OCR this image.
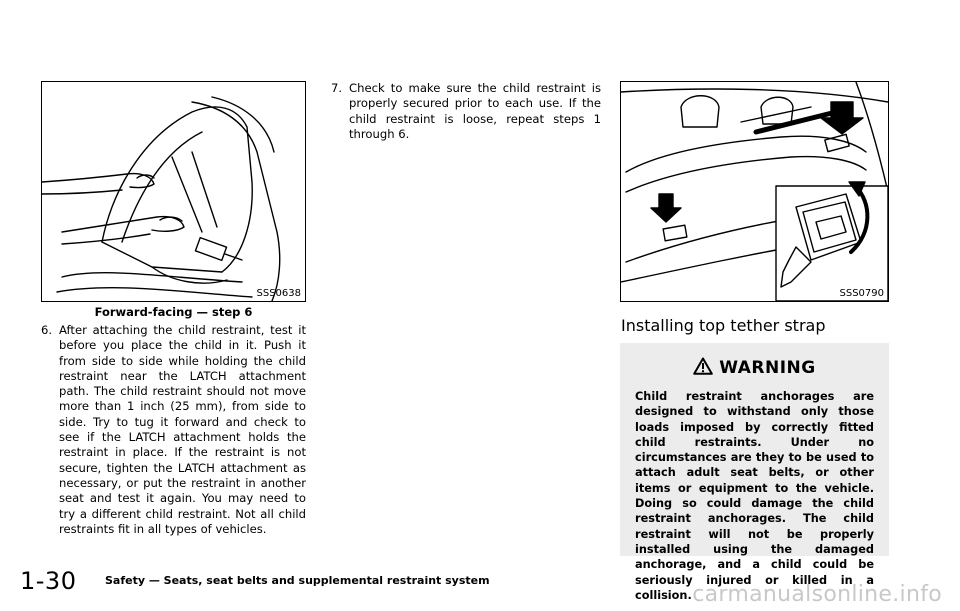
SSS0638
Forward-facing — step 6
6. After attaching the child restraint, test it before you place the child in it. Push it from side to side while holding the child restraint near the LATCH attachment path. The child restraint should not move more than 1 inch (25 mm), from side to side. Try to tug it forward and check to see if the LATCH attachment holds the restraint in place. If the restraint is not secure, tighten the LATCH attachment as necessary, or put the restraint in another seat and test it again. You may need to try a different child restraint. Not all child restraints fit in all types of vehicles.
7. Check to make sure the child restraint is properly secured prior to each use. If the child restraint is loose, repeat steps 1 through 6.
SSS0790
Installing top tether strap
WARNING
Child restraint anchorages are designed to withstand only those loads imposed by correctly fitted child restraints. Under no circumstances are they to be used to attach adult seat belts, or other items or equipment to the vehicle. Doing so could damage the child restraint anchorages. The child restraint will not be properly installed using the damaged anchorage, and a child could be seriously injured or killed in a collision.
1-30	Safety — Seats, seat belts and supplemental restraint system
carmanualsonline.info
